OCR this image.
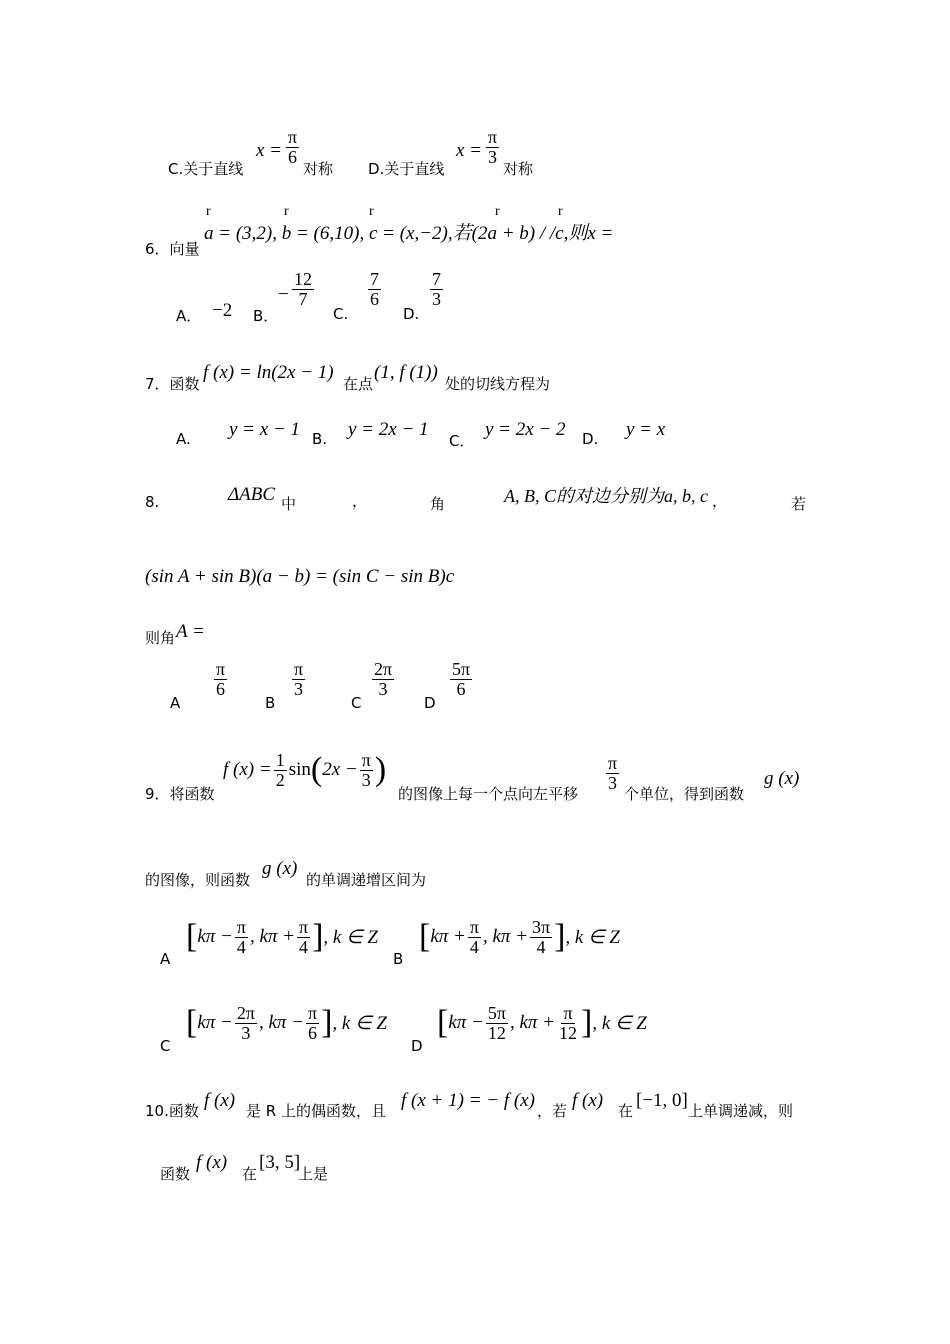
C.关于直线
$x = \frac{\pi}{6}$
对称 D.关于直线
$x = \frac{\pi}{3}$
对称
6．向量
r	r	r	r	r
a = (3,2), b = (6,10), c = (x,−2),若(2a + b) / /c,则x =
A． −2 B．
− $\frac{12}{7}$
C.
$\frac{7}{6}$
D.
$\frac{7}{3}$
7．函数
f (x) = ln(2x − 1)
在点
(1, f (1))
处的切线方程为
A. y = x − 1 B. y = 2x − 1
C．
y = 2x − 2 D. y = x
8.	ΔABC 中	，	角	A, B, C的对边分别为a, b, c ，	若
(sin A + sin B)(a − b) = (sin C − sin B)c
则角 A =
A
$\frac{\pi}{6}$
B
$\frac{\pi}{3}$
C
$\frac{2\pi}{3}$
D
$\frac{5\pi}{6}$
9．将函数
f $(x) = \frac{1}{2}$ sin ( $2x - \frac{\pi}{3}$ )
的图像上每一个点向左平移
$\frac{\pi}{3}$
个单位，得到函数
g (x)
的图像，则函数
g (x)
的单调递增区间为
A
[ $k\pi - \frac{\pi}{4}$ , $k\pi + \frac{\pi}{4}$ ] , k ∈ Z
B
[ $k\pi + \frac{\pi}{4}$ , $k\pi + \frac{3\pi}{4}$ ] , k ∈ Z
C
[ $k\pi - \frac{2\pi}{3}$ , $k\pi - \frac{\pi}{6}$ ] , k ∈ Z
D
[ $k\pi - \frac{5\pi}{12}$ , $k\pi + \frac{\pi}{12}$ ] , k ∈ Z
10.函数 f (x) 是 R 上的偶函数，且 f (x + 1) = − f (x) ，若 f (x) 在 [−1, 0] 上单调递减，则
函数
f (x)
在
[3, 5]
上是
